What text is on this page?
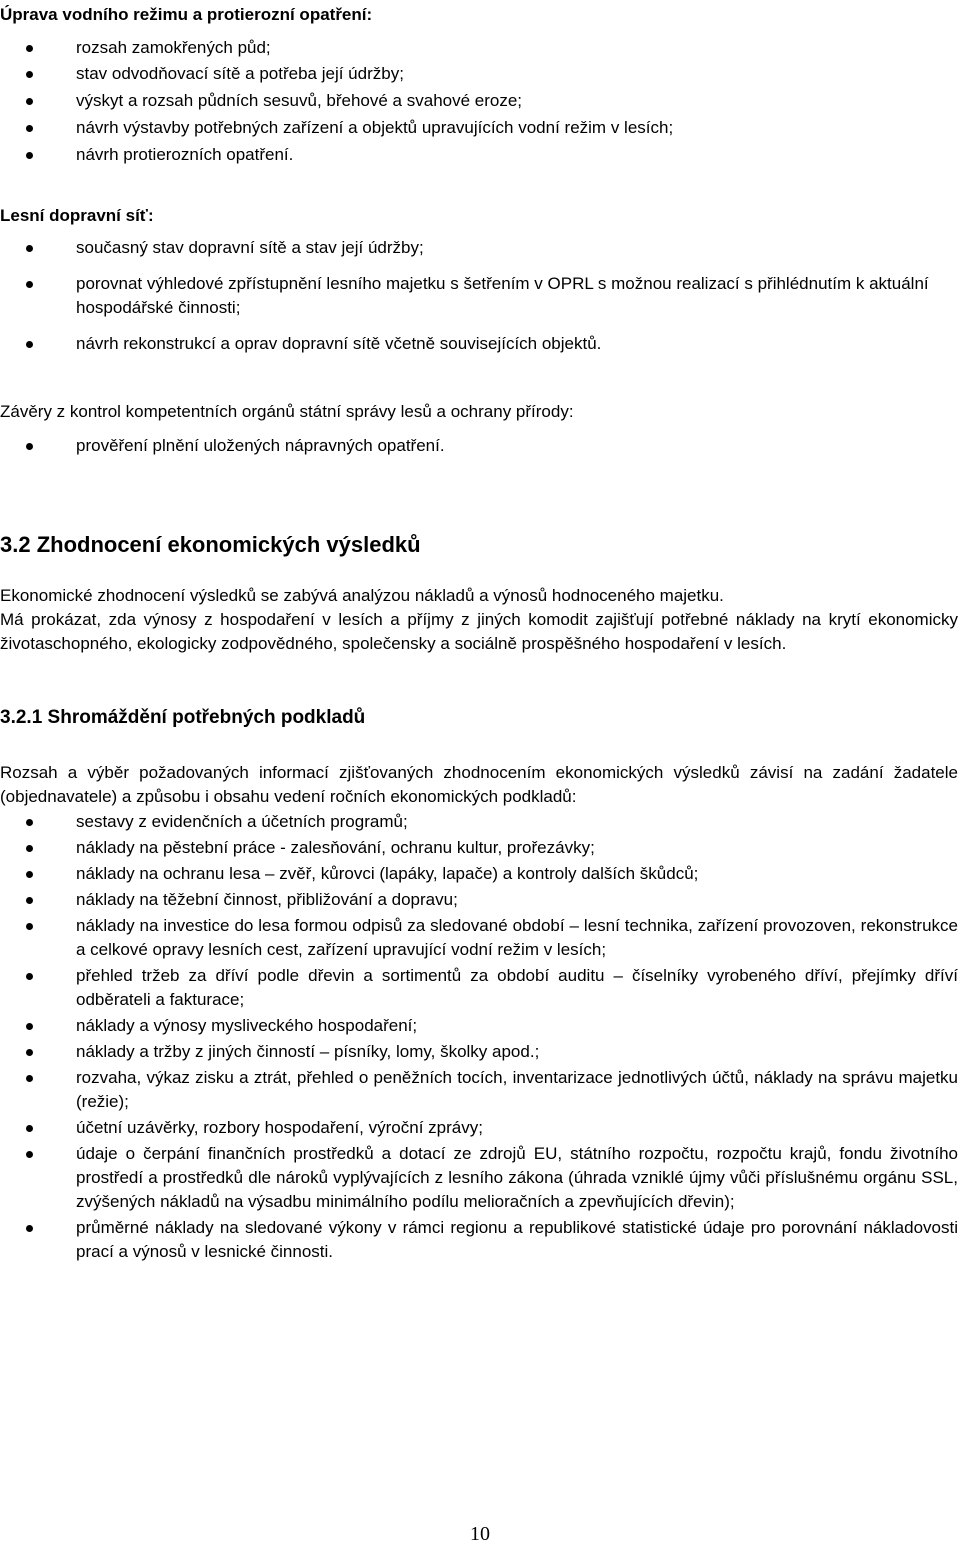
Úprava vodního režimu a protierozní opatření:
rozsah zamokřených půd;
stav odvodňovací sítě a potřeba její údržby;
výskyt a rozsah půdních sesuvů, břehové a svahové eroze;
návrh výstavby potřebných zařízení a objektů upravujících vodní režim v lesích;
návrh protierozních opatření.
Lesní dopravní síť:
současný stav dopravní sítě a stav její údržby;
porovnat výhledové zpřístupnění lesního majetku s šetřením v OPRL s možnou realizací s přihlédnutím k aktuální hospodářské činnosti;
návrh rekonstrukcí a oprav dopravní sítě včetně souvisejících objektů.
Závěry z kontrol kompetentních orgánů státní správy lesů a ochrany přírody:
prověření plnění uložených nápravných opatření.
3.2 Zhodnocení ekonomických výsledků

Ekonomické zhodnocení výsledků se zabývá analýzou nákladů a výnosů hodnoceného majetku.

Má prokázat, zda výnosy z hospodaření v lesích a příjmy z jiných komodit zajišťují potřebné náklady na krytí ekonomicky životaschopného, ekologicky zodpovědného, společensky a sociálně prospěšného hospodaření v lesích.

3.2.1 Shromáždění potřebných podkladů

Rozsah a výběr požadovaných informací zjišťovaných zhodnocením ekonomických výsledků závisí na zadání žadatele (objednavatele) a způsobu i obsahu vedení ročních ekonomických podkladů:

sestavy z evidenčních a účetních programů;
náklady na pěstební práce - zalesňování, ochranu kultur, prořezávky;
náklady na ochranu lesa – zvěř, kůrovci (lapáky, lapače) a kontroly dalších škůdců;
náklady na těžební činnost, přibližování a dopravu;
náklady na investice do lesa formou odpisů za sledované období – lesní technika, zařízení provozoven, rekonstrukce a celkové opravy lesních cest, zařízení upravující vodní režim v lesích;
přehled tržeb za dříví podle dřevin a sortimentů za období auditu – číselníky vyrobeného dříví, přejímky dříví odběrateli a fakturace;
náklady a výnosy mysliveckého hospodaření;
náklady a tržby z jiných činností – písníky, lomy, školky apod.;
rozvaha, výkaz zisku a ztrát, přehled o peněžních tocích, inventarizace jednotlivých účtů, náklady na správu majetku (režie);
účetní uzávěrky, rozbory hospodaření, výroční zprávy;
údaje o čerpání finančních prostředků a dotací ze zdrojů EU, státního rozpočtu, rozpočtu krajů, fondu životního prostředí a prostředků dle nároků vyplývajících z lesního zákona (úhrada vzniklé újmy vůči příslušnému orgánu SSL, zvýšených nákladů na výsadbu minimálního podílu melioračních a zpevňujících dřevin);
průměrné náklady na sledované výkony v rámci regionu a republikové statistické údaje pro porovnání nákladovosti prací a výnosů v lesnické činnosti.
10
